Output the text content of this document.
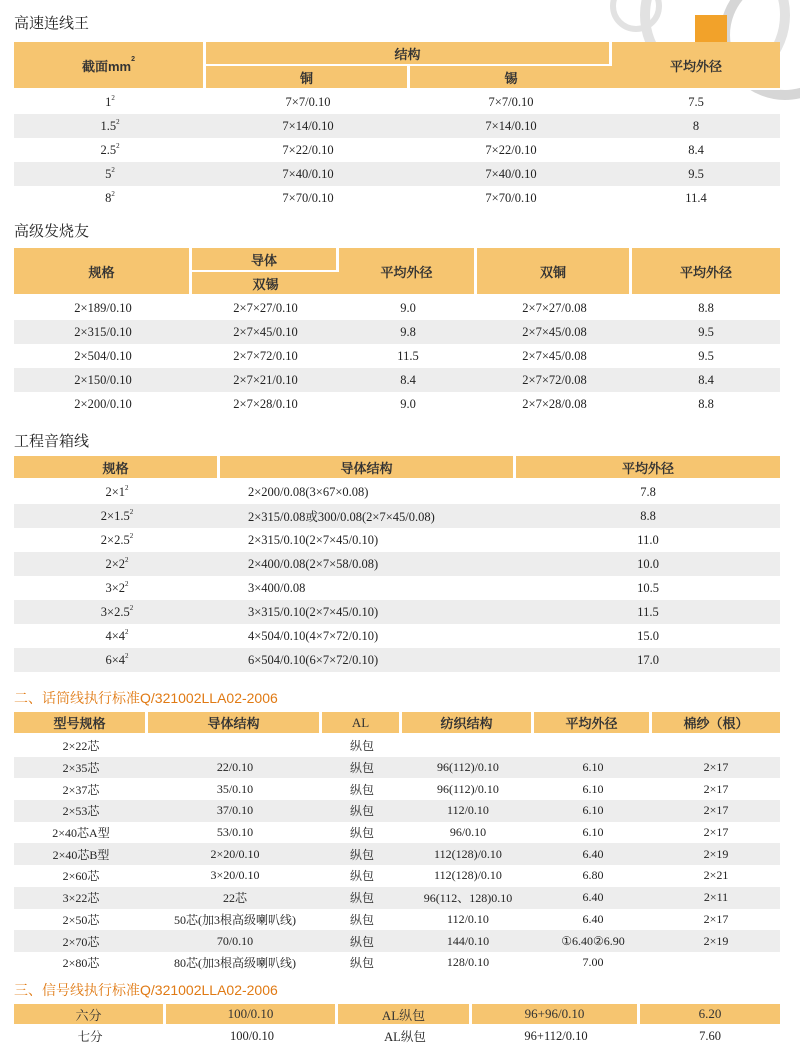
高速连线王
截面$mm^2$	结构		平均外径
	铜	锡	
$1^2$	7×7/0.10	7×7/0.10	7.5
$1.5^2$	7×14/0.10	7×14/0.10	8
$2.5^2$	7×22/0.10	7×22/0.10	8.4
$5^2$	7×40/0.10	7×40/0.10	9.5
$8^2$	7×70/0.10	7×70/0.10	11.4
高级发烧友
规格	导体	平均外径	双铜	平均外径
	双锡			
2×189/0.10	2×7×27/0.10	9.0	2×7×27/0.08	8.8
2×315/0.10	2×7×45/0.10	9.8	2×7×45/0.08	9.5
2×504/0.10	2×7×72/0.10	11.5	2×7×45/0.08	9.5
2×150/0.10	2×7×21/0.10	8.4	2×7×72/0.08	8.4
2×200/0.10	2×7×28/0.10	9.0	2×7×28/0.08	8.8
工程音箱线
规格	导体结构	平均外径
$2\times 1^2$	2×200/0.08(3×67×0.08)	7.8
$2\times 1.5^2$	2×315/0.08或300/0.08(2×7×45/0.08)	8.8
$2\times 2.5^2$	2×315/0.10(2×7×45/0.10)	11.0
$2\times 2^2$	2×400/0.08(2×7×58/0.08)	10.0
$3\times 2^2$	3×400/0.08	10.5
$3\times 2.5^2$	3×315/0.10(2×7×45/0.10)	11.5
$4\times 4^2$	4×504/0.10(4×7×72/0.10)	15.0
$6\times 4^2$	6×504/0.10(6×7×72/0.10)	17.0
二、话筒线执行标准Q/321002LLA02-2006
型号规格	导体结构	AL	纺织结构	平均外径	棉纱（根）
2×22芯		纵包			
2×35芯	22/0.10	纵包	96(112)/0.10	6.10	2×17
2×37芯	35/0.10	纵包	96(112)/0.10	6.10	2×17
2×53芯	37/0.10	纵包	112/0.10	6.10	2×17
2×40芯A型	53/0.10	纵包	96/0.10	6.10	2×17
2×40芯B型	2×20/0.10	纵包	112(128)/0.10	6.40	2×19
2×60芯	3×20/0.10	纵包	112(128)/0.10	6.80	2×21
3×22芯	22芯	纵包	96(112、128)0.10	6.40	2×11
2×50芯	50芯(加3根高级喇叭线)	纵包	112/0.10	6.40	2×17
2×70芯	70/0.10	纵包	144/0.10	①6.40②6.90	2×19
2×80芯	80芯(加3根高级喇叭线)	纵包	128/0.10	7.00	
三、信号线执行标准Q/321002LLA02-2006
六分	100/0.10	AL纵包	96+96/0.10	6.20
七分	100/0.10	AL纵包	96+112/0.10	7.60
